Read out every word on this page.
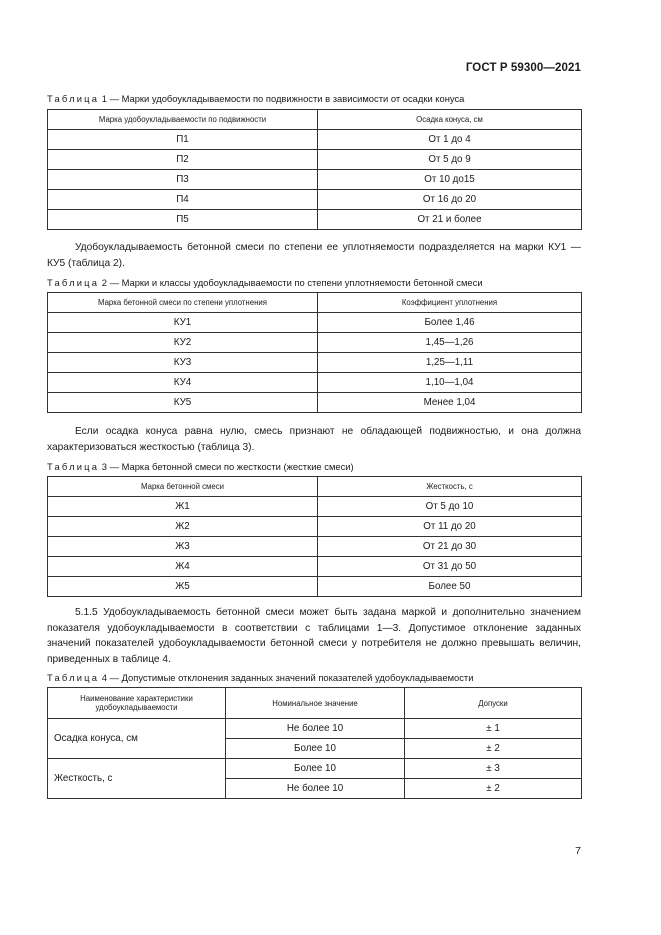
ГОСТ Р 59300—2021
Таблица 1 — Марки удобоукладываемости по подвижности в зависимости от осадки конуса
Марка удобоукладываемости по подвижности	Осадка конуса, см
П1	От 1 до 4
П2	От 5 до 9
П3	От 10 до15
П4	От 16 до 20
П5	От 21 и более
Удобоукладываемость бетонной смеси по степени ее уплотняемости подразделяется на марки КУ1 — КУ5 (таблица 2).
Таблица 2 — Марки и классы удобоукладываемости по степени уплотняемости бетонной смеси
Марка бетонной смеси по степени уплотнения	Коэффициент уплотнения
КУ1	Более 1,46
КУ2	1,45—1,26
КУ3	1,25—1,11
КУ4	1,10—1,04
КУ5	Менее 1,04
Если осадка конуса равна нулю, смесь признают не обладающей подвижностью, и она должна характеризоваться жесткостью (таблица 3).
Таблица 3 — Марка бетонной смеси по жесткости (жесткие смеси)
Марка бетонной смеси	Жесткость, с
Ж1	От 5 до 10
Ж2	От 11 до 20
Ж3	От 21 до 30
Ж4	От 31 до 50
Ж5	Более 50
5.1.5 Удобоукладываемость бетонной смеси может быть задана маркой и дополнительно значением показателя удобоукладываемости в соответствии с таблицами 1—3. Допустимое отклонение заданных значений показателей удобоукладываемости бетонной смеси у потребителя не должно превышать величин, приведенных в таблице 4.
Таблица 4 — Допустимые отклонения заданных значений показателей удобоукладываемости
Наименование характеристики удобоукладываемости	Номинальное значение	Допуски
Осадка конуса, см	Не более 10	± 1
	Более 10	± 2
Жесткость, с	Более 10	± 3
	Не более 10	± 2
7
